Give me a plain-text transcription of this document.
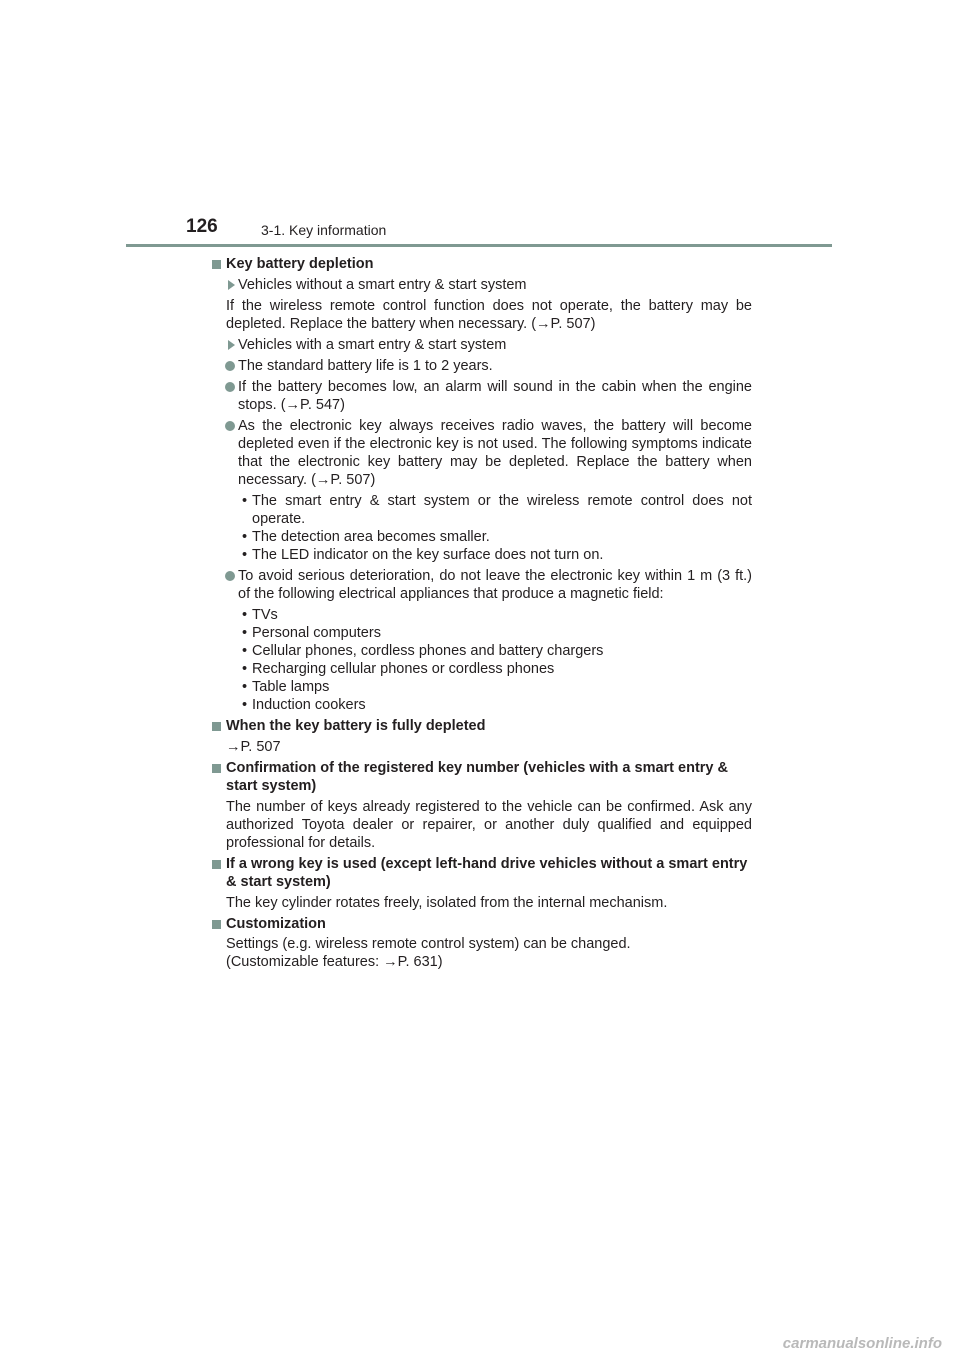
126	3-1. Key information
Key battery depletion
Vehicles without a smart entry & start system
If the wireless remote control function does not operate, the battery may be depleted. Replace the battery when necessary. (→P. 507)
Vehicles with a smart entry & start system
The standard battery life is 1 to 2 years.
If the battery becomes low, an alarm will sound in the cabin when the engine stops. (→P. 547)
As the electronic key always receives radio waves, the battery will become depleted even if the electronic key is not used. The following symptoms indicate that the electronic key battery may be depleted. Replace the battery when necessary. (→P. 507)
• The smart entry & start system or the wireless remote control does not operate.
• The detection area becomes smaller.
• The LED indicator on the key surface does not turn on.
To avoid serious deterioration, do not leave the electronic key within 1 m (3 ft.) of the following electrical appliances that produce a magnetic field:
• TVs
• Personal computers
• Cellular phones, cordless phones and battery chargers
• Recharging cellular phones or cordless phones
• Table lamps
• Induction cookers
When the key battery is fully depleted
→P. 507
Confirmation of the registered key number (vehicles with a smart entry & start system)
The number of keys already registered to the vehicle can be confirmed. Ask any authorized Toyota dealer or repairer, or another duly qualified and equipped professional for details.
If a wrong key is used (except left-hand drive vehicles without a smart entry & start system)
The key cylinder rotates freely, isolated from the internal mechanism.
Customization
Settings (e.g. wireless remote control system) can be changed.
(Customizable features: →P. 631)
carmanualsonline.info
